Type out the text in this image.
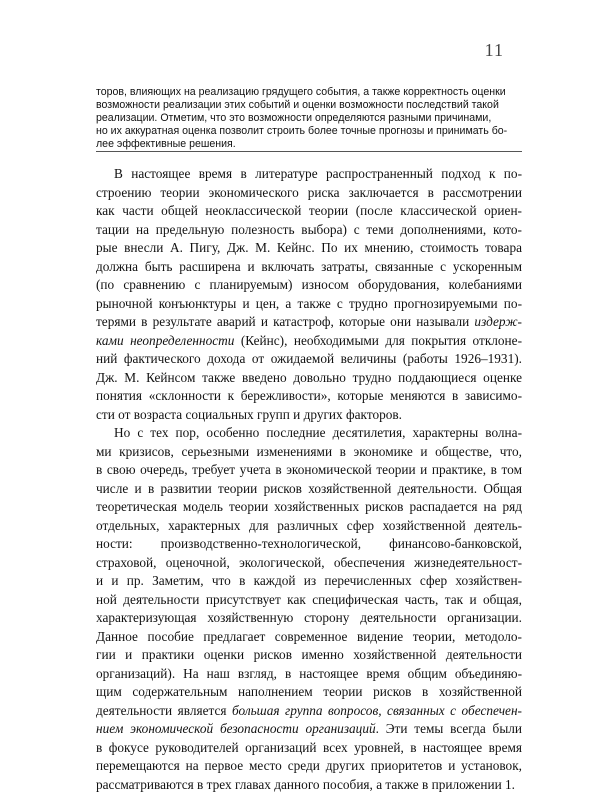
11
торов, влияющих на реализацию грядущего события, а также корректность оценки
возможности реализации этих событий и оценки возможности последствий такой
реализации. Отметим, что это возможности определяются разными причинами,
но их аккуратная оценка позволит строить более точные прогнозы и принимать бо-
лее эффективные решения.
В настоящее время в литературе распространенный подход к по-
строению теории экономического риска заключается в рассмотрении
как части общей неоклассической теории (после классической ориен-
тации на предельную полезность выбора) с теми дополнениями, кото-
рые внесли А. Пигу, Дж. М. Кейнс. По их мнению, стоимость товара
должна быть расширена и включать затраты, связанные с ускоренным
(по сравнению с планируемым) износом оборудования, колебаниями
рыночной конъюнктуры и цен, а также с трудно прогнозируемыми по-
терями в результате аварий и катастроф, которые они называли издерж-
ками неопределенности (Кейнс), необходимыми для покрытия отклоне-
ний фактического дохода от ожидаемой величины (работы 1926–1931).
Дж. М. Кейнсом также введено довольно трудно поддающиеся оценке
понятия «склонности к бережливости», которые меняются в зависимо-
сти от возраста социальных групп и других факторов.
Но с тех пор, особенно последние десятилетия, характерны волна-
ми кризисов, серьезными изменениями в экономике и обществе, что,
в свою очередь, требует учета в экономической теории и практике, в том
числе и в развитии теории рисков хозяйственной деятельности. Общая
теоретическая модель теории хозяйственных рисков распадается на ряд
отдельных, характерных для различных сфер хозяйственной деятель-
ности: производственно-технологической, финансово-банковской,
страховой, оценочной, экологической, обеспечения жизнедеятельност-
и и пр. Заметим, что в каждой из перечисленных сфер хозяйствен-
ной деятельности присутствует как специфическая часть, так и общая,
характеризующая хозяйственную сторону деятельности организации.
Данное пособие предлагает современное видение теории, методоло-
гии и практики оценки рисков именно хозяйственной деятельности
организаций). На наш взгляд, в настоящее время общим объединяю-
щим содержательным наполнением теории рисков в хозяйственной
деятельности является большая группа вопросов, связанных с обеспечен-
нием экономической безопасности организаций. Эти темы всегда были
в фокусе руководителей организаций всех уровней, в настоящее время
перемещаются на первое место среди других приоритетов и установок,
рассматриваются в трех главах данного пособия, а также в приложении 1.
